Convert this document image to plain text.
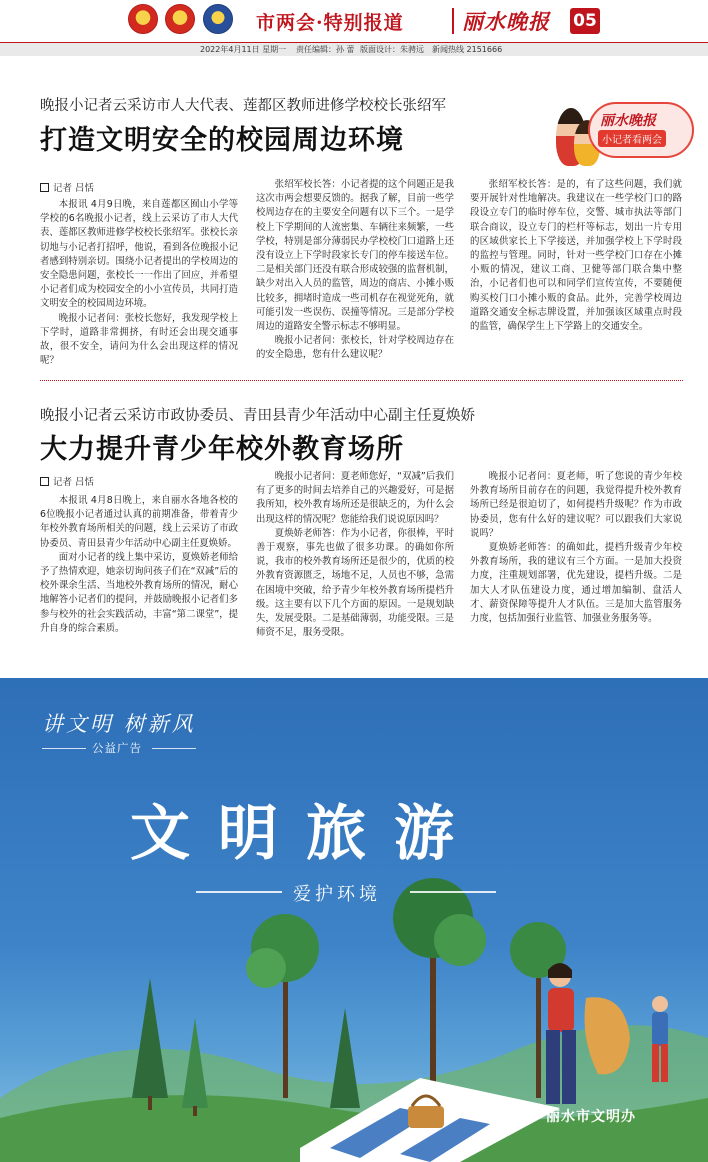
市两会·特别报道	丽水晚报 05
2022年4月11日 星期一 责任编辑：孙 蕾 版面设计：朱骋远 新闻热线 2151666
晚报小记者云采访市人大代表、莲都区教师进修学校校长张绍军
打造文明安全的校园周边环境
丽水晚报
小记者看两会
记者 吕恬

本报讯 4月9日晚，来自莲都区囿山小学等学校的6名晚报小记者，线上云采访了市人大代表、莲都区教师进修学校校长张绍军。张校长亲切地与小记者打招呼，他说，看到各位晚报小记者感到特别亲切。围绕小记者提出的学校周边的安全隐患问题，张校长一一作出了回应，并希望小记者们成为校园安全的小小宣传员，共同打造文明安全的校园周边环境。

晚报小记者问：张校长您好，我发现学校上下学时，道路非常拥挤，有时还会出现交通事故，很不安全，请问为什么会出现这样的情况呢？

张绍军校长答：小记者提的这个问题正是我这次市两会想要反馈的。据我了解，目前一些学校周边存在的主要安全问题有以下三个。一是学校上下学期间的人流密集、车辆往来频繁，一些学校，特别是部分薄弱民办学校校门口道路上还没有设立上下学时段家长专门的停车接送车位。二是相关部门还没有联合形成较强的监督机制，缺少对出入人员的监管，周边的商店、小摊小贩比较多，拥堵时造成一些司机存在视觉死角，就可能引发一些误伤、误撞等情况。三是部分学校周边的道路安全警示标志不够明显。

晚报小记者问：张校长，针对学校周边存在的安全隐患，您有什么建议呢？

张绍军校长答：是的，有了这些问题，我们就要开展针对性地解决。我建议在一些学校门口的路段设立专门的临时停车位，交警、城市执法等部门联合商议，设立专门的栏杆等标志，划出一片专用的区域供家长上下学接送，并加强学校上下学时段的监控与管理。同时，针对一些学校门口存在小摊小贩的情况，建议工商、卫健等部门联合集中整治，小记者们也可以和同学们宣传宣传，不要随便购买校门口小摊小贩的食品。此外，完善学校周边道路交通安全标志牌设置，并加强该区域重点时段的监管，确保学生上下学路上的交通安全。

晚报小记者云采访市政协委员、青田县青少年活动中心副主任夏焕娇
大力提升青少年校外教育场所
记者 吕恬

本报讯 4月8日晚上，来自丽水各地各校的6位晚报小记者通过认真的前期准备，带着青少年校外教育场所相关的问题，线上云采访了市政协委员、青田县青少年活动中心副主任夏焕娇。

面对小记者的线上集中采访，夏焕娇老师给予了热情欢迎，她亲切询问孩子们在“双减”后的校外课余生活、当地校外教育场所的情况，耐心地解答小记者们的提问，并鼓励晚报小记者们多参与校外的社会实践活动，丰富“第二课堂”，提升自身的综合素质。

晚报小记者问：夏老师您好，“双减”后我们有了更多的时间去培养自己的兴趣爱好，可是据我所知，校外教育场所还是很缺乏的，为什么会出现这样的情况呢？您能给我们说说原因吗？

夏焕娇老师答：作为小记者，你很棒，平时善于观察，事先也做了很多功课。的确如你所说，我市的校外教育场所还是很少的，优质的校外教育资源匮乏，场地不足，人员也不够，急需在困境中突破，给予青少年校外教育场所提档升级。这主要有以下几个方面的原因。一是规划缺失，发展受限。二是基础薄弱，功能受限。三是师资不足，服务受限。

晚报小记者问：夏老师，听了您说的青少年校外教育场所目前存在的问题，我觉得提升校外教育场所已经是很迫切了，如何提档升级呢？作为市政协委员，您有什么好的建议呢？可以跟我们大家说说吗？

夏焕娇老师答：的确如此，提档升级青少年校外教育场所，我的建议有三个方面。一是加大投资力度，注重规划部署，优先建设，提档升级。二是加大人才队伍建设力度，通过增加编制、盘活人才、薪资保障等提升人才队伍。三是加大监管服务力度，包括加强行业监管、加强业务服务等。

讲文明 树新风
公益广告
文明旅游
爱护环境
丽水市文明办
